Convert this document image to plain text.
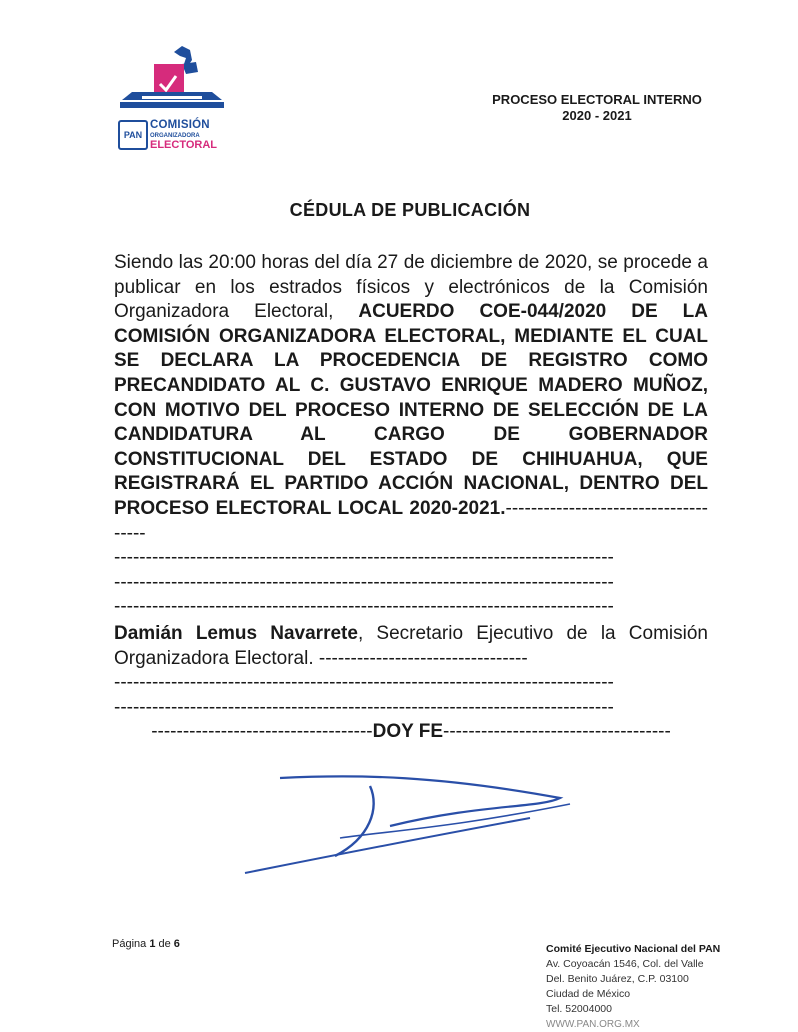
PAN
COMISIÓN
ORGANIZADORA
ELECTORAL
PROCESO ELECTORAL INTERNO
2020 - 2021
CÉDULA DE PUBLICACIÓN

Siendo las 20:00 horas del día 27 de diciembre de 2020, se procede a publicar en los estrados físicos y electrónicos de la Comisión Organizadora Electoral, ACUERDO COE-044/2020 DE LA COMISIÓN ORGANIZADORA ELECTORAL, MEDIANTE EL CUAL SE DECLARA LA PROCEDENCIA DE REGISTRO COMO PRECANDIDATO AL C. GUSTAVO ENRIQUE MADERO MUÑOZ, CON MOTIVO DEL PROCESO INTERNO DE SELECCIÓN DE LA CANDIDATURA AL CARGO DE GOBERNADOR CONSTITUCIONAL DEL ESTADO DE CHIHUAHUA, QUE REGISTRARÁ EL PARTIDO ACCIÓN NACIONAL, DENTRO DEL PROCESO ELECTORAL LOCAL 2020-2021.-------------------------------------

-------------------------------------------------------------------------------
-------------------------------------------------------------------------------
-------------------------------------------------------------------------------

Damián Lemus Navarrete, Secretario Ejecutivo de la Comisión Organizadora Electoral. ---------------------------------

-------------------------------------------------------------------------------
-------------------------------------------------------------------------------
-----------------------------------DOY FE------------------------------------
Página 1 de 6	Comité Ejecutivo Nacional del PAN
Av. Coyoacán 1546, Col. del Valle
Del. Benito Juárez, C.P. 03100
Ciudad de México
Tel. 52004000
WWW.PAN.ORG.MX
